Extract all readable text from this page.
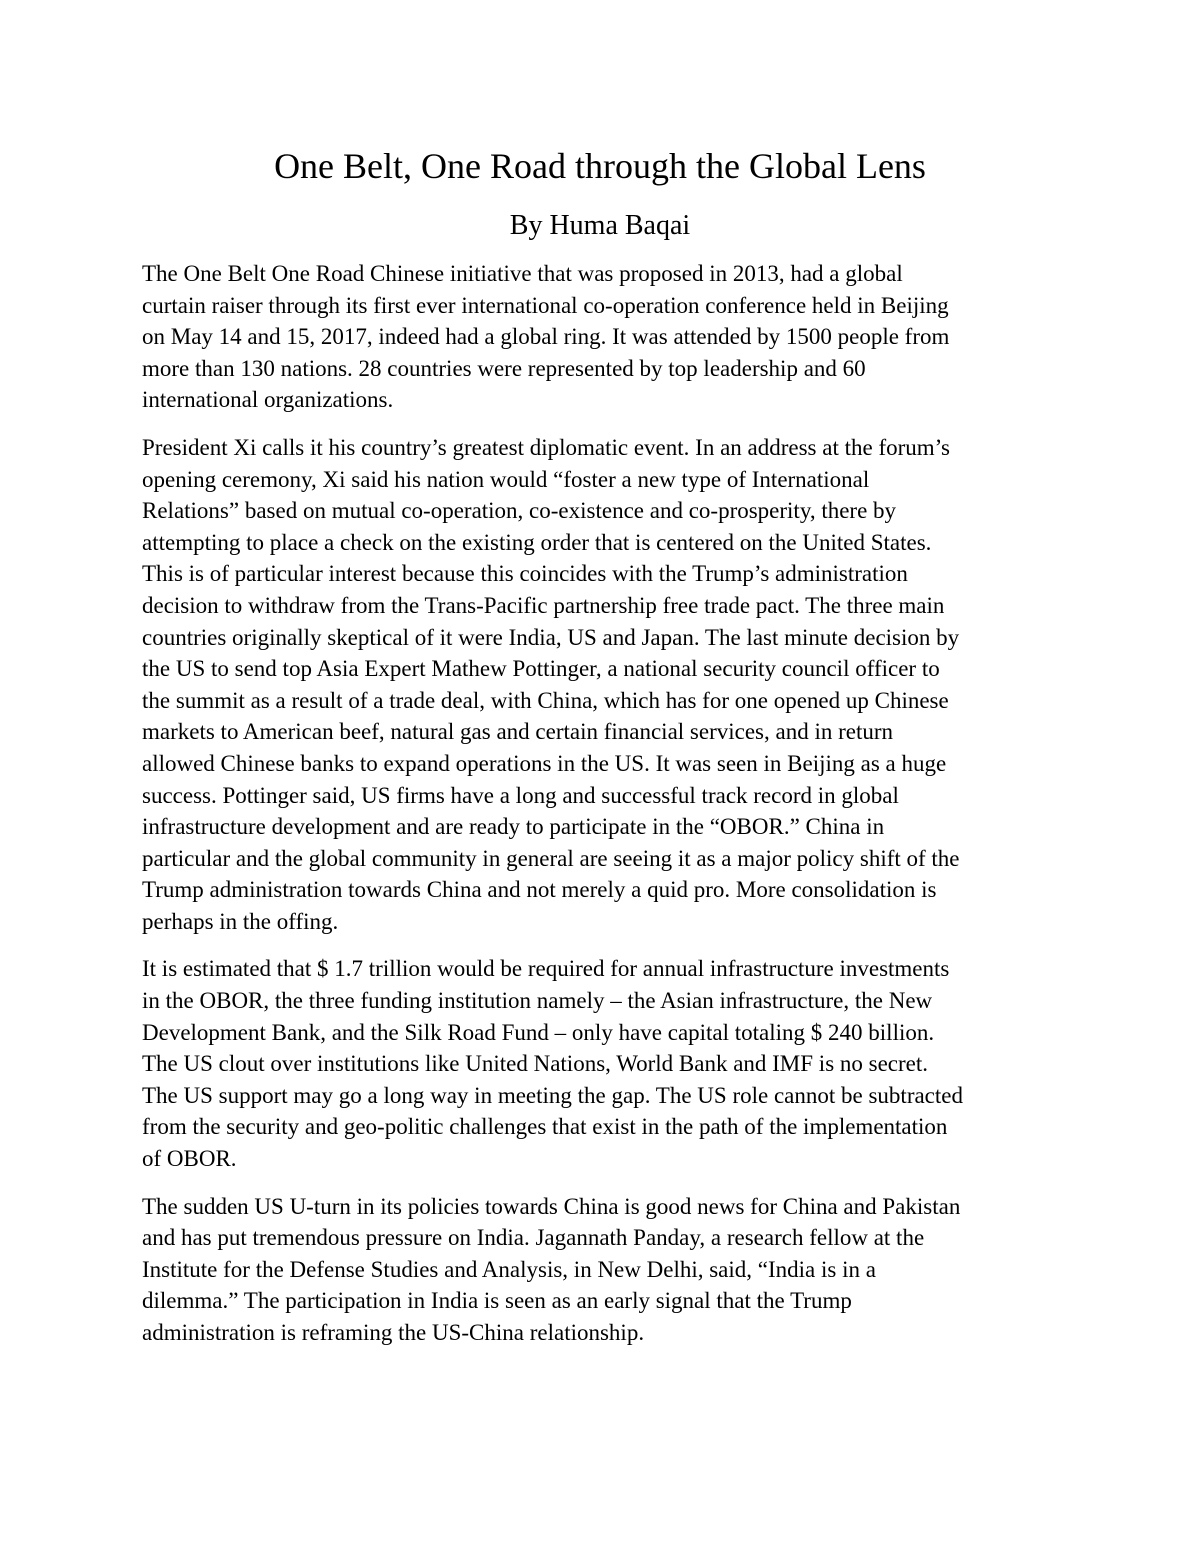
One Belt, One Road through the Global Lens
By Huma Baqai

The One Belt One Road Chinese initiative that was proposed in 2013, had a global
curtain raiser through its first ever international co-operation conference held in Beijing
on May 14 and 15, 2017, indeed had a global ring. It was attended by 1500 people from
more than 130 nations. 28 countries were represented by top leadership and 60
international organizations.

President Xi calls it his country’s greatest diplomatic event. In an address at the forum’s
opening ceremony, Xi said his nation would “foster a new type of International
Relations” based on mutual co-operation, co-existence and co-prosperity, there by
attempting to place a check on the existing order that is centered on the United States.
This is of particular interest because this coincides with the Trump’s administration
decision to withdraw from the Trans-Pacific partnership free trade pact. The three main
countries originally skeptical of it were India, US and Japan. The last minute decision by
the US to send top Asia Expert Mathew Pottinger, a national security council officer to
the summit as a result of a trade deal, with China, which has for one opened up Chinese
markets to American beef, natural gas and certain financial services, and in return
allowed Chinese banks to expand operations in the US. It was seen in Beijing as a huge
success. Pottinger said, US firms have a long and successful track record in global
infrastructure development and are ready to participate in the “OBOR.” China in
particular and the global community in general are seeing it as a major policy shift of the
Trump administration towards China and not merely a quid pro. More consolidation is
perhaps in the offing.

It is estimated that $ 1.7 trillion would be required for annual infrastructure investments
in the OBOR, the three funding institution namely – the Asian infrastructure, the New
Development Bank, and the Silk Road Fund – only have capital totaling $ 240 billion.
The US clout over institutions like United Nations, World Bank and IMF is no secret.
The US support may go a long way in meeting the gap. The US role cannot be subtracted
from the security and geo-politic challenges that exist in the path of the implementation
of OBOR.

The sudden US U-turn in its policies towards China is good news for China and Pakistan
and has put tremendous pressure on India. Jagannath Panday, a research fellow at the
Institute for the Defense Studies and Analysis, in New Delhi, said, “India is in a
dilemma.” The participation in India is seen as an early signal that the Trump
administration is reframing the US-China relationship.
